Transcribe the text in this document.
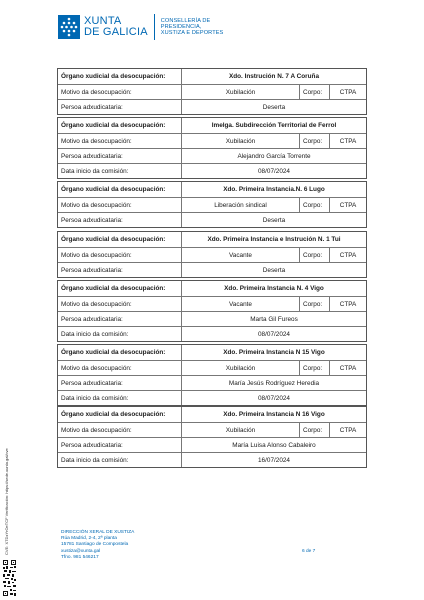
XUNTA
DE GALICIA
CONSELLERÍA DE
PRESIDENCIA,
XUSTIZA E DEPORTES
Órgano xudicial da desocupación:	Xdo. Instrución N. 7 A Coruña
Motivo da desocupación:	Xubilación	Corpo:	CTPA
Persoa adxudicataria:	Deserta
Órgano xudicial da desocupación:	Imelga. Subdirección Territorial de Ferrol
Motivo da desocupación:	Xubilación	Corpo:	CTPA
Persoa adxudicataria:	Alejandro García Torrente
Data inicio da comisión:	08/07/2024
Órgano xudicial da desocupación:	Xdo. Primeira Instancia.N. 6 Lugo
Motivo da desocupación:	Liberación sindical	Corpo:	CTPA
Persoa adxudicataria:	Deserta
Órgano xudicial da desocupación:	Xdo. Primeira Instancia e Instrución N. 1 Tui
Motivo da desocupación:	Vacante	Corpo:	CTPA
Persoa adxudicataria:	Deserta
Órgano xudicial da desocupación:	Xdo. Primeira Instancia N. 4 Vigo
Motivo da desocupación:	Vacante	Corpo:	CTPA
Persoa adxudicataria:	Marta Gil Fureos
Data inicio da comisión:	08/07/2024
Órgano xudicial da desocupación:	Xdo. Primeira Instancia N 15 Vigo
Motivo da desocupación:	Xubilación	Corpo:	CTPA
Persoa adxudicataria:	María Jesús Rodríguez Heredia
Data inicio da comisión:	08/07/2024
Órgano xudicial da desocupación:	Xdo. Primeira Instancia N 16 Vigo
Motivo da desocupación:	Xubilación	Corpo:	CTPA
Persoa adxudicataria:	María Luisa Alonso Cabaleiro
Data inicio da comisión:	16/07/2024
CVE: XTDzYrOeTCF Verificación: https://sede.xunta.gal/cve	DIRECCIÓN XERAL DE XUSTIZA
Rúa Madrid, 2-4, 2ª planta
15781 Santiago de Compostela
xustiza@xunta.gal
Tfno. 981 546217
6 de 7
